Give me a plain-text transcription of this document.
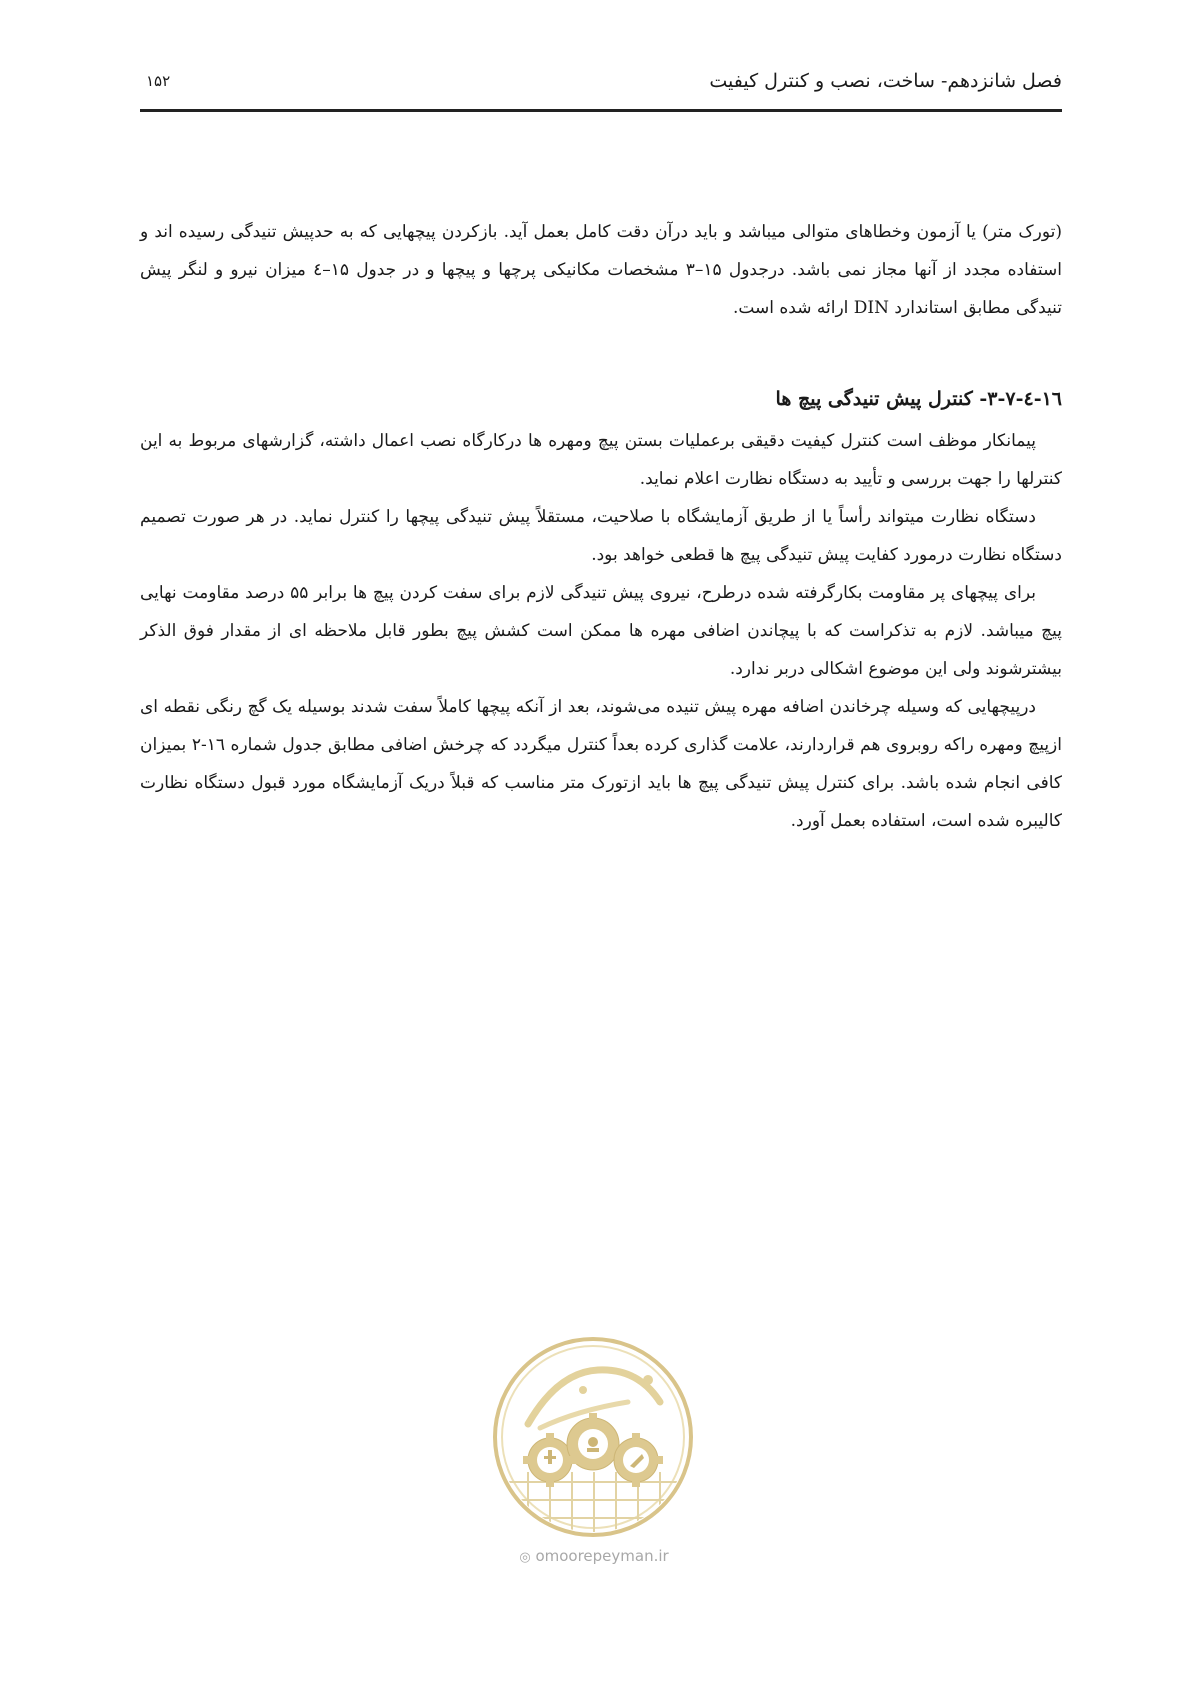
فصل شانزدهم- ساخت، نصب و کنترل کیفیت
۱۵۲

(تورک متر) یا آزمون وخطاهای متوالی میباشد و باید درآن دقت کامل بعمل آید. بازکردن پیچهایی که به حدپیش تنیدگی رسیده اند و استفاده مجدد از آنها مجاز نمی باشد. درجدول ۱۵–۳ مشخصات مکانیکی پرچها و پیچها و در جدول ۱۵–٤ میزان نیرو و لنگر پیش تنیدگی مطابق استاندارد DIN ارائه شده است.

١٦-٤-٧-٣- کنترل پیش تنیدگی پیچ ها

پیمانکار موظف است کنترل کیفیت دقیقی برعملیات بستن پیچ ومهره ها درکارگاه نصب اعمال داشته، گزارشهای مربوط به این کنترلها را جهت بررسی و تأیید به دستگاه نظارت اعلام نماید.

دستگاه نظارت میتواند رأساً یا از طریق آزمایشگاه با صلاحیت، مستقلاً پیش تنیدگی پیچها را کنترل نماید. در هر صورت تصمیم دستگاه نظارت درمورد کفایت پیش تنیدگی پیچ ها قطعی خواهد بود.

برای پیچهای پر مقاومت بکارگرفته شده درطرح، نیروی پیش تنیدگی لازم برای سفت کردن پیچ ها برابر ۵۵ درصد مقاومت نهایی پیچ میباشد. لازم به تذکراست که با پیچاندن اضافی مهره ها ممکن است کشش پیچ بطور قابل ملاحظه ای از مقدار فوق الذکر بیشترشوند ولی این موضوع اشکالی دربر ندارد.

درپیچهایی که وسیله چرخاندن اضافه مهره پیش تنیده می‌شوند، بعد از آنکه پیچها کاملاً سفت شدند بوسیله یک گچ رنگی نقطه ای ازپیچ ومهره راکه روبروی هم قراردارند، علامت گذاری کرده بعداً کنترل میگردد که چرخش اضافی مطابق جدول شماره ١٦-٢ بمیزان کافی انجام شده باشد. برای کنترل پیش تنیدگی پیچ ها باید ازتورک متر مناسب که قبلاً دریک آزمایشگاه مورد قبول دستگاه نظارت کالیبره شده است، استفاده بعمل آورد.

◎ omoorepeyman.ir
